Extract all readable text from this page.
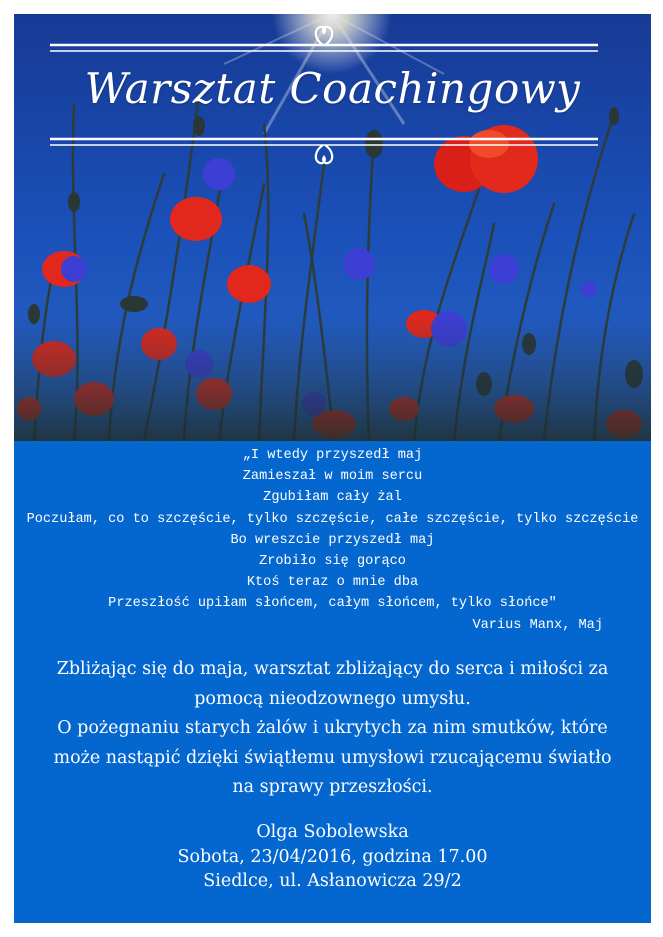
Warsztat Coachingowy
„I wtedy przyszedł maj
Zamieszał w moim sercu
Zgubiłam cały żal
Poczułam, co to szczęście, tylko szczęście, całe szczęście, tylko szczęście
Bo wreszcie przyszedł maj
Zrobiło się gorąco
Ktoś teraz o mnie dba
Przeszłość upiłam słońcem, całym słońcem, tylko słońce"
Varius Manx, Maj
Zbliżając się do maja, warsztat zbliżający do serca i miłości za
pomocą nieodzownego umysłu.
O pożegnaniu starych żalów i ukrytych za nim smutków, które
może nastąpić dzięki świątłemu umysłowi rzucającemu światło
na sprawy przeszłości.
Olga Sobolewska
Sobota, 23/04/2016, godzina 17.00
Siedlce, ul. Asłanowicza 29/2
